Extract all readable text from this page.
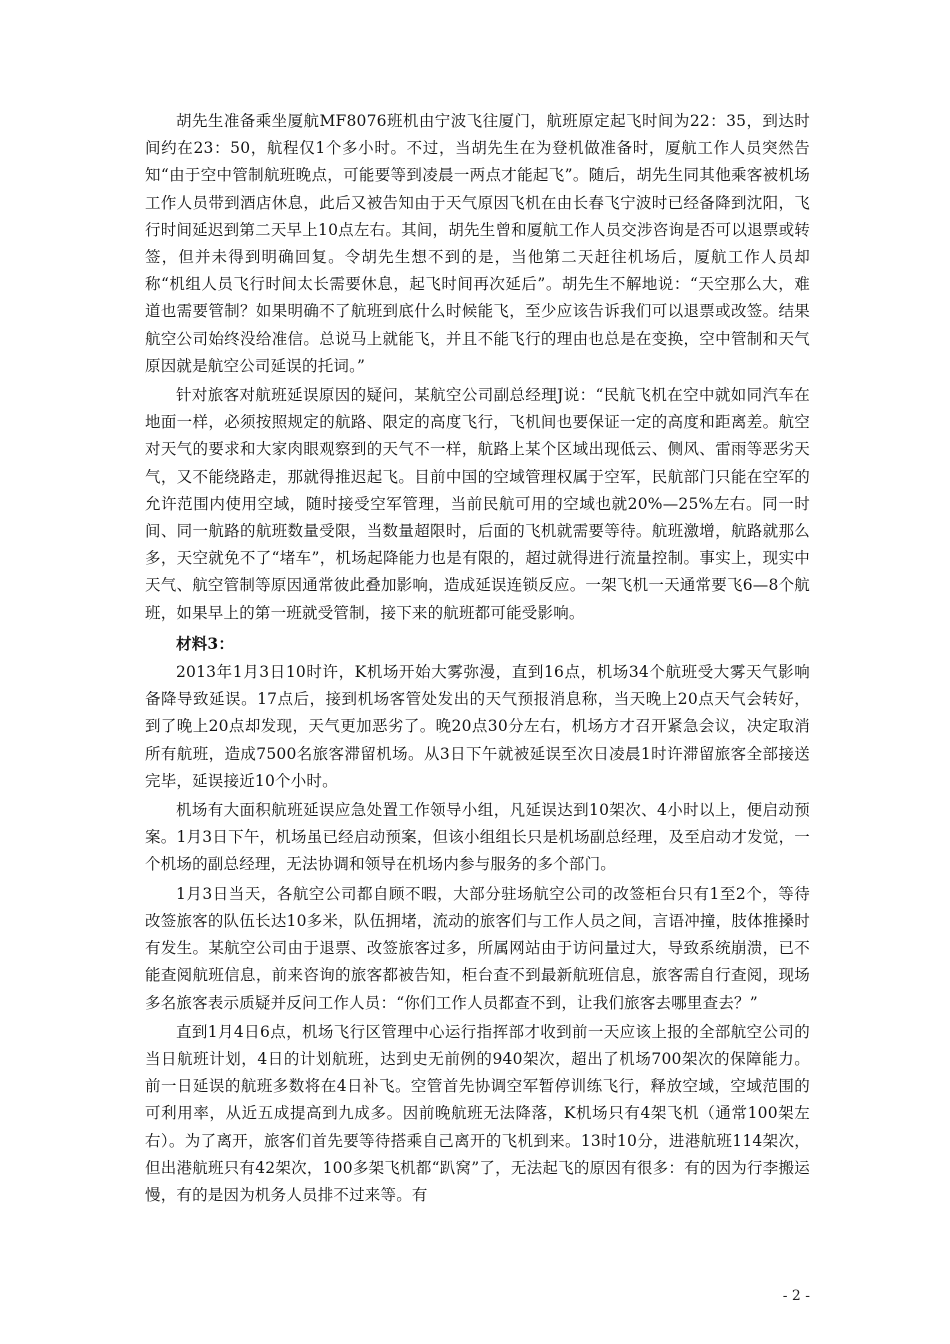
胡先生准备乘坐厦航MF8076班机由宁波飞往厦门，航班原定起飞时间为22：35，到达时间约在23：50，航程仅1个多小时。不过，当胡先生在为登机做准备时，厦航工作人员突然告知“由于空中管制航班晚点，可能要等到凌晨一两点才能起飞”。随后，胡先生同其他乘客被机场工作人员带到酒店休息，此后又被告知由于天气原因飞机在由长春飞宁波时已经备降到沈阳，飞行时间延迟到第二天早上10点左右。其间，胡先生曾和厦航工作人员交涉咨询是否可以退票或转签，但并未得到明确回复。令胡先生想不到的是，当他第二天赶往机场后，厦航工作人员却称“机组人员飞行时间太长需要休息，起飞时间再次延后”。胡先生不解地说：“天空那么大，难道也需要管制？如果明确不了航班到底什么时候能飞，至少应该告诉我们可以退票或改签。结果航空公司始终没给准信。总说马上就能飞，并且不能飞行的理由也总是在变换，空中管制和天气原因就是航空公司延误的托词。”

针对旅客对航班延误原因的疑问，某航空公司副总经理J说：“民航飞机在空中就如同汽车在地面一样，必须按照规定的航路、限定的高度飞行，飞机间也要保证一定的高度和距离差。航空对天气的要求和大家肉眼观察到的天气不一样，航路上某个区域出现低云、侧风、雷雨等恶劣天气，又不能绕路走，那就得推迟起飞。目前中国的空域管理权属于空军，民航部门只能在空军的允许范围内使用空域，随时接受空军管理，当前民航可用的空域也就20%—25%左右。同一时间、同一航路的航班数量受限，当数量超限时，后面的飞机就需要等待。航班激增，航路就那么多，天空就免不了“堵车”，机场起降能力也是有限的，超过就得进行流量控制。事实上，现实中天气、航空管制等原因通常彼此叠加影响，造成延误连锁反应。一架飞机一天通常要飞6—8个航班，如果早上的第一班就受管制，接下来的航班都可能受影响。

材料3：

2013年1月3日10时许，K机场开始大雾弥漫，直到16点，机场34个航班受大雾天气影响备降导致延误。17点后，接到机场客管处发出的天气预报消息称，当天晚上20点天气会转好，到了晚上20点却发现，天气更加恶劣了。晚20点30分左右，机场方才召开紧急会议，决定取消所有航班，造成7500名旅客滞留机场。从3日下午就被延误至次日凌晨1时许滞留旅客全部接送完毕，延误接近10个小时。

机场有大面积航班延误应急处置工作领导小组，凡延误达到10架次、4小时以上，便启动预案。1月3日下午，机场虽已经启动预案，但该小组组长只是机场副总经理，及至启动才发觉，一个机场的副总经理，无法协调和领导在机场内参与服务的多个部门。

1月3日当天，各航空公司都自顾不暇，大部分驻场航空公司的改签柜台只有1至2个，等待改签旅客的队伍长达10多米，队伍拥堵，流动的旅客们与工作人员之间，言语冲撞，肢体推搡时有发生。某航空公司由于退票、改签旅客过多，所属网站由于访问量过大，导致系统崩溃，已不能查阅航班信息，前来咨询的旅客都被告知，柜台查不到最新航班信息，旅客需自行查阅，现场多名旅客表示质疑并反问工作人员：“你们工作人员都查不到，让我们旅客去哪里查去？”

直到1月4日6点，机场飞行区管理中心运行指挥部才收到前一天应该上报的全部航空公司的当日航班计划，4日的计划航班，达到史无前例的940架次，超出了机场700架次的保障能力。前一日延误的航班多数将在4日补飞。空管首先协调空军暂停训练飞行，释放空域，空域范围的可利用率，从近五成提高到九成多。因前晚航班无法降落，K机场只有4架飞机（通常100架左右）。为了离开，旅客们首先要等待搭乘自己离开的飞机到来。13时10分，进港航班114架次，但出港航班只有42架次，100多架飞机都“趴窝”了，无法起飞的原因有很多：有的因为行李搬运慢，有的是因为机务人员排不过来等。有

- 2 -
